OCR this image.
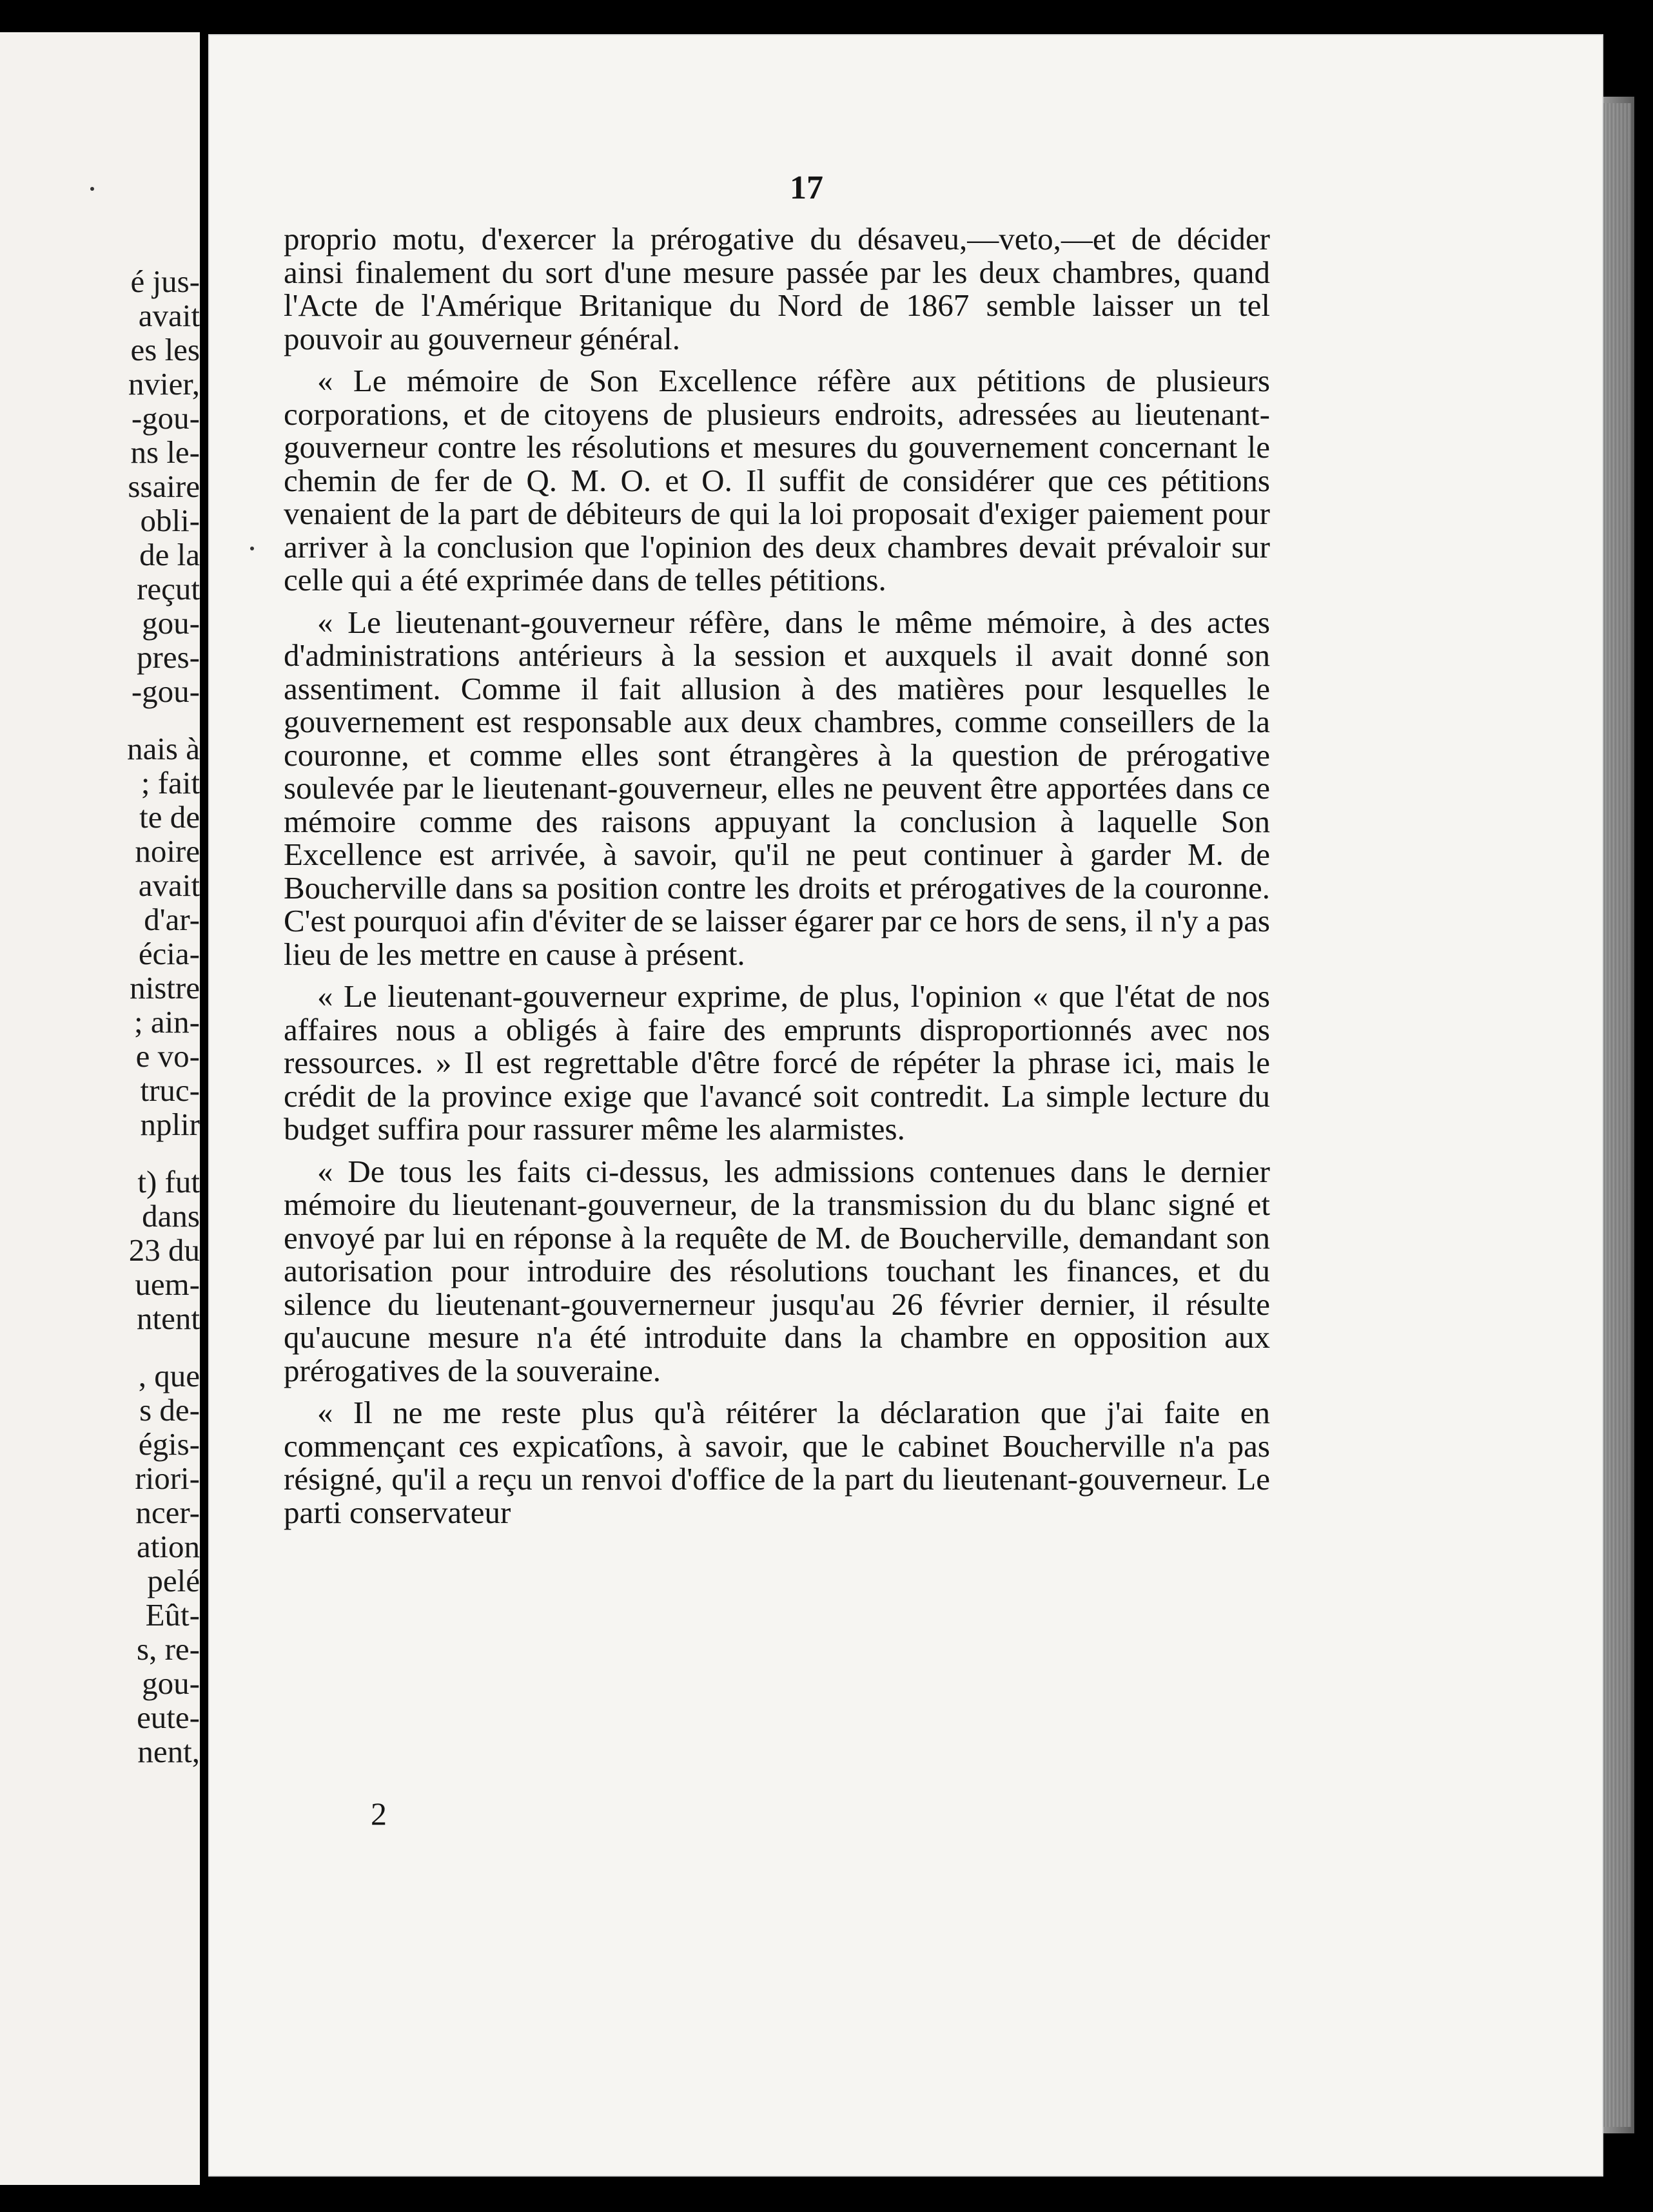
é jus-
avait
es les
nvier,
-gou-
ns le-
ssaire
obli-
de la
reçut
gou-
pres-
-gou-
nais à
; fait
te de
noire
avait
d'ar-
écia-
nistre
; ain-
e vo-
truc-
nplir
t) fut
dans
23 du
uem-
ntent
, que
s de-
égis-
riori-
ncer-
ation
pelé
Eût-
s, re-
gou-
eute-
nent,
17

proprio motu, d'exercer la prérogative du désaveu,—veto,—et de décider ainsi finalement du sort d'une mesure passée par les deux chambres, quand l'Acte de l'Amérique Britanique du Nord de 1867 semble laisser un tel pouvoir au gouverneur général.

« Le mémoire de Son Excellence réfère aux pétitions de plusieurs corporations, et de citoyens de plusieurs endroits, adressées au lieutenant-gouverneur contre les résolutions et mesures du gouvernement concernant le chemin de fer de Q. M. O. et O. Il suffit de considérer que ces pétitions venaient de la part de débiteurs de qui la loi proposait d'exiger paiement pour arriver à la conclusion que l'opinion des deux chambres devait prévaloir sur celle qui a été exprimée dans de telles pétitions.

« Le lieutenant-gouverneur réfère, dans le même mémoire, à des actes d'administrations antérieurs à la session et auxquels il avait donné son assentiment. Comme il fait allusion à des matières pour lesquelles le gouvernement est responsable aux deux chambres, comme conseillers de la couronne, et comme elles sont étrangères à la question de prérogative soulevée par le lieutenant-gouverneur, elles ne peuvent être apportées dans ce mémoire comme des raisons appuyant la conclusion à laquelle Son Excellence est arrivée, à savoir, qu'il ne peut continuer à garder M. de Boucherville dans sa position contre les droits et prérogatives de la couronne. C'est pourquoi afin d'éviter de se laisser égarer par ce hors de sens, il n'y a pas lieu de les mettre en cause à présent.

« Le lieutenant-gouverneur exprime, de plus, l'opinion « que l'état de nos affaires nous a obligés à faire des emprunts disproportionnés avec nos ressources. » Il est regrettable d'être forcé de répéter la phrase ici, mais le crédit de la province exige que l'avancé soit contredit. La simple lecture du budget suffira pour rassurer même les alarmistes.

« De tous les faits ci-dessus, les admissions contenues dans le dernier mémoire du lieutenant-gouverneur, de la transmission du du blanc signé et envoyé par lui en réponse à la requête de M. de Boucherville, demandant son autorisation pour introduire des résolutions touchant les finances, et du silence du lieutenant-gouvernerneur jusqu'au 26 février dernier, il résulte qu'aucune mesure n'a été introduite dans la chambre en opposition aux prérogatives de la souveraine.

« Il ne me reste plus qu'à réitérer la déclaration que j'ai faite en commençant ces expicatîons, à savoir, que le cabinet Boucherville n'a pas résigné, qu'il a reçu un renvoi d'office de la part du lieutenant-gouverneur. Le parti conservateur

2
